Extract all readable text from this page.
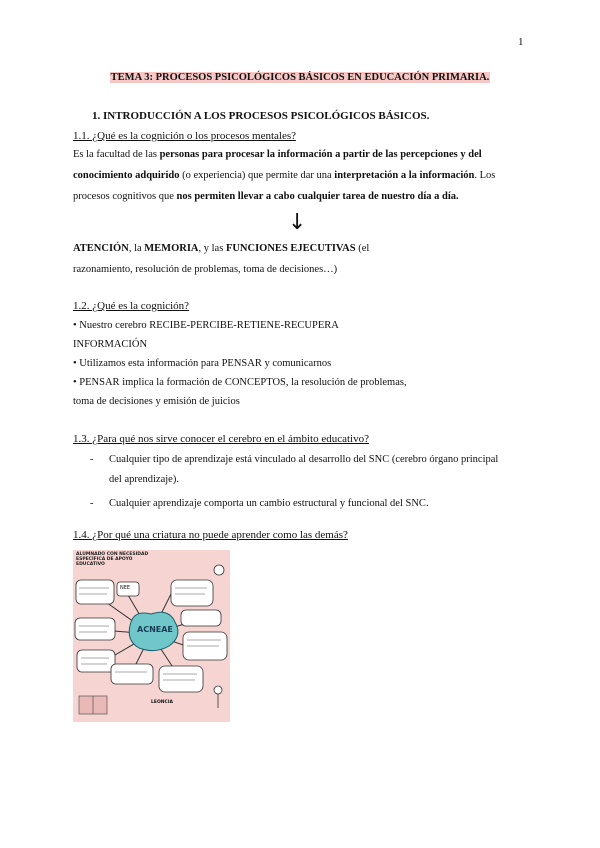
1
TEMA 3: PROCESOS PSICOLÓGICOS BÁSICOS EN EDUCACIÓN PRIMARIA.
1. INTRODUCCIÓN A LOS PROCESOS PSICOLÓGICOS BÁSICOS.
1.1. ¿Qué es la cognición o los procesos mentales?
Es la facultad de las personas para procesar la información a partir de las percepciones y del
conocimiento adquirido (o experiencia) que permite dar una interpretación a la información. Los
procesos cognitivos que nos permiten llevar a cabo cualquier tarea de nuestro día a día.
↓
ATENCIÓN, la MEMORIA, y las FUNCIONES EJECUTIVAS (el
razonamiento, resolución de problemas, toma de decisiones…)
1.2. ¿Qué es la cognición?
• Nuestro cerebro RECIBE-PERCIBE-RETIENE-RECUPERA
INFORMACIÓN
• Utilizamos esta información para PENSAR y comunicarnos
• PENSAR implica la formación de CONCEPTOS, la resolución de problemas,
toma de decisiones y emisión de juicios
1.3. ¿Para qué nos sirve conocer el cerebro en el ámbito educativo?
- Cualquier tipo de aprendizaje está vinculado al desarrollo del SNC (cerebro órgano principal
del aprendizaje).
- Cualquier aprendizaje comporta un cambio estructural y funcional del SNC.
1.4. ¿Por qué una criatura no puede aprender como las demás?
ALUMNADO CON NECESIDAD ESPECÍFICA DE APOYO EDUCATIVO
ACNEAE
NEE
LEONCIA
